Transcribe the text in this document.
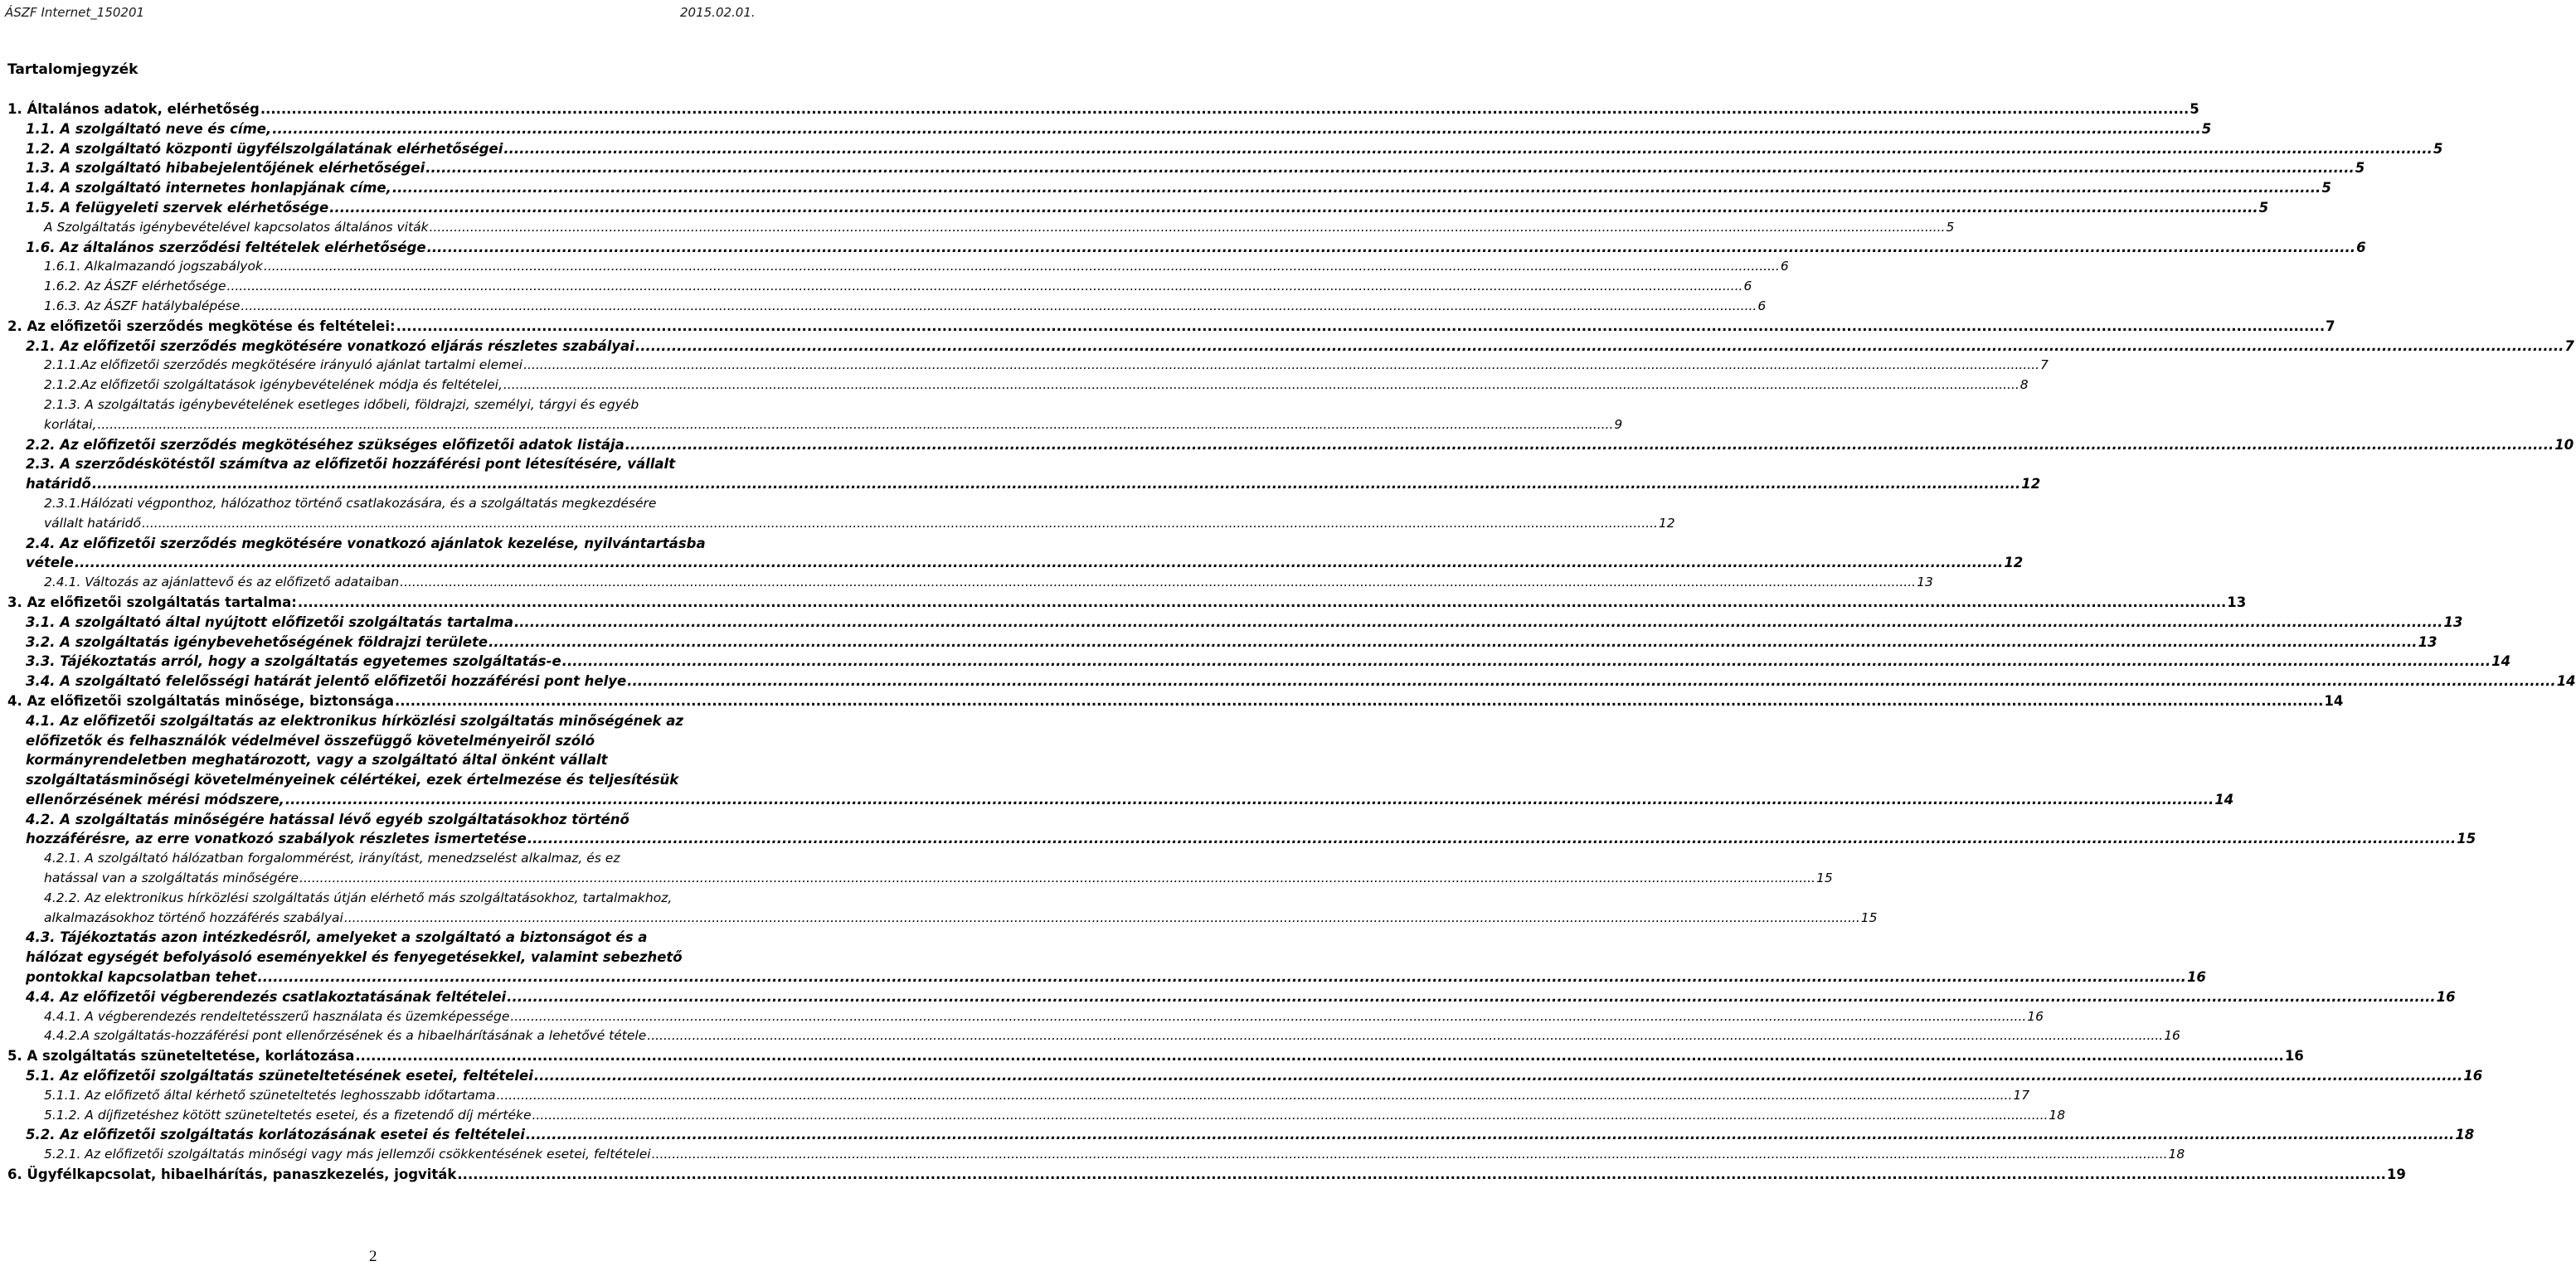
ÁSZF Internet_150201	2015.02.01.
Tartalomjegyzék
1. Általános adatok, elérhetőség .....	5
1.1. A szolgáltató neve és címe, .....	5
1.2. A szolgáltató központi ügyfélszolgálatának elérhetőségei .....	5
1.3. A szolgáltató hibabejelentőjének elérhetőségei .....	5
1.4. A szolgáltató internetes honlapjának címe, .....	5
1.5. A felügyeleti szervek elérhetősége .....	5
A Szolgáltatás igénybevételével kapcsolatos általános viták .....	5
1.6. Az általános szerződési feltételek elérhetősége .....	6
1.6.1. Alkalmazandó jogszabályok .....	6
1.6.2. Az ÁSZF elérhetősége .....	6
1.6.3. Az ÁSZF hatálybalépése .....	6
2. Az előfizetői szerződés megkötése és feltételei: .....	7
2.1. Az előfizetői szerződés megkötésére vonatkozó eljárás részletes szabályai .....	7
2.1.1.Az előfizetői szerződés megkötésére irányuló ajánlat tartalmi elemei .....	7
2.1.2.Az előfizetői szolgáltatások igénybevételének módja és feltételei, .....	8
2.1.3. A szolgáltatás igénybevételének esetleges időbeli, földrajzi, személyi, tárgyi és egyéb
korlátai, .....	9
2.2. Az előfizetői szerződés megkötéséhez szükséges előfizetői adatok listája .....	10
2.3. A szerződéskötéstől számítva az előfizetői hozzáférési pont létesítésére, vállalt
határidő .....	12
2.3.1.Hálózati végponthoz, hálózathoz történő csatlakozására, és a szolgáltatás megkezdésére
vállalt határidő .....	12
2.4. Az előfizetői szerződés megkötésére vonatkozó ajánlatok kezelése, nyilvántartásba
vétele .....	12
2.4.1. Változás az ajánlattevő és az előfizető adataiban .....	13
3. Az előfizetői szolgáltatás tartalma: .....	13
3.1. A szolgáltató által nyújtott előfizetői szolgáltatás tartalma .....	13
3.2. A szolgáltatás igénybevehetőségének földrajzi területe .....	13
3.3. Tájékoztatás arról, hogy a szolgáltatás egyetemes szolgáltatás-e .....	14
3.4. A szolgáltató felelősségi határát jelentő előfizetői hozzáférési pont helye .....	14
4. Az előfizetői szolgáltatás minősége, biztonsága .....	14
4.1. Az előfizetői szolgáltatás az elektronikus hírközlési szolgáltatás minőségének az
előfizetők és felhasználók védelmével összefüggő követelményeiről szóló
kormányrendeletben meghatározott, vagy a szolgáltató által önként vállalt
szolgáltatásminőségi követelményeinek célértékei, ezek értelmezése és teljesítésük
ellenőrzésének mérési módszere, .....	14
4.2. A szolgáltatás minőségére hatással lévő egyéb szolgáltatásokhoz történő
hozzáférésre, az erre vonatkozó szabályok részletes ismertetése .....	15
4.2.1. A szolgáltató hálózatban forgalommérést, irányítást, menedzselést alkalmaz, és ez
hatással van a szolgáltatás minőségére .....	15
4.2.2. Az elektronikus hírközlési szolgáltatás útján elérhető más szolgáltatásokhoz, tartalmakhoz,
alkalmazásokhoz történő hozzáférés szabályai .....	15
4.3. Tájékoztatás azon intézkedésről, amelyeket a szolgáltató a biztonságot és a
hálózat egységét befolyásoló eseményekkel és fenyegetésekkel, valamint sebezhető
pontokkal kapcsolatban tehet .....	16
4.4. Az előfizetői végberendezés csatlakoztatásának feltételei .....	16
4.4.1. A végberendezés rendeltetésszerű használata és üzemképessége .....	16
4.4.2.A szolgáltatás-hozzáférési pont ellenőrzésének és a hibaelhárításának a lehetővé tétele .....	16
5. A szolgáltatás szüneteltetése, korlátozása .....	16
5.1. Az előfizetői szolgáltatás szüneteltetésének esetei, feltételei .....	16
5.1.1. Az előfizető által kérhető szüneteltetés leghosszabb időtartama .....	17
5.1.2. A díjfizetéshez kötött szüneteltetés esetei, és a fizetendő díj mértéke .....	18
5.2. Az előfizetői szolgáltatás korlátozásának esetei és feltételei .....	18
5.2.1. Az előfizetői szolgáltatás minőségi vagy más jellemzői csökkentésének esetei, feltételei .....	18
6. Ügyfélkapcsolat, hibaelhárítás, panaszkezelés, jogviták .....	19
2
